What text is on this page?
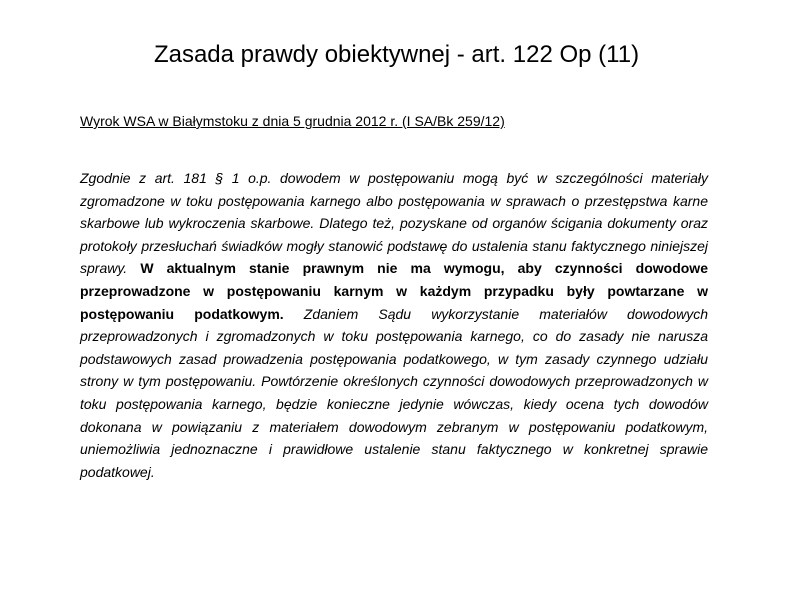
Zasada prawdy obiektywnej - art. 122 Op (11)

Wyrok WSA w Białymstoku z dnia 5 grudnia 2012 r. (I SA/Bk 259/12)

Zgodnie z art. 181 § 1 o.p. dowodem w postępowaniu mogą być w szczególności materiały zgromadzone w toku postępowania karnego albo postępowania w sprawach o przestępstwa karne skarbowe lub wykroczenia skarbowe. Dlatego też, pozyskane od organów ścigania dokumenty oraz protokoły przesłuchań świadków mogły stanowić podstawę do ustalenia stanu faktycznego niniejszej sprawy. W aktualnym stanie prawnym nie ma wymogu, aby czynności dowodowe przeprowadzone w postępowaniu karnym w każdym przypadku były powtarzane w postępowaniu podatkowym. Zdaniem Sądu wykorzystanie materiałów dowodowych przeprowadzonych i zgromadzonych w toku postępowania karnego, co do zasady nie narusza podstawowych zasad prowadzenia postępowania podatkowego, w tym zasady czynnego udziału strony w tym postępowaniu. Powtórzenie określonych czynności dowodowych przeprowadzonych w toku postępowania karnego, będzie konieczne jedynie wówczas, kiedy ocena tych dowodów dokonana w powiązaniu z materiałem dowodowym zebranym w postępowaniu podatkowym, uniemożliwia jednoznaczne i prawidłowe ustalenie stanu faktycznego w konkretnej sprawie podatkowej.
